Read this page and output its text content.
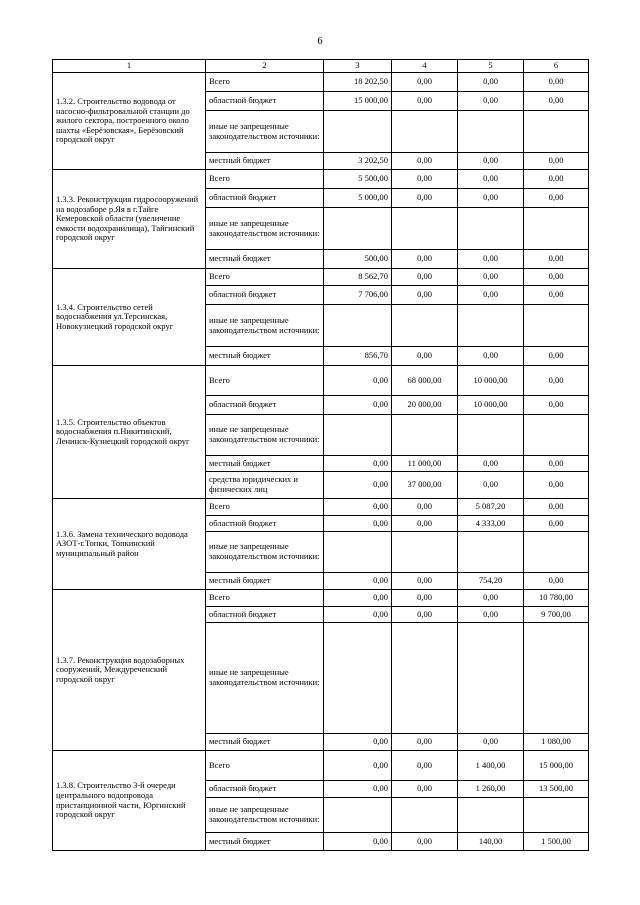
6
1	2	3	4	5	6
1.3.2. Строительство водовода от насосно-фильтровальной станции до жилого сектора, построенного около шахты «Берёзовская», Берёзовский городской округ	Всего	18 202,50	0,00	0,00	0,00
	областной бюджет	15 000,00	0,00	0,00	0,00
	иные не запрещенные законодательством источники:				
	местный бюджет	3 202,50	0,00	0,00	0,00
1.3.3. Реконструкция гидросооружений на водозаборе р.Яя в г.Тайге Кемеровской области (увеличение емкости водохранилища), Тайгинский городской округ	Всего	5 500,00	0,00	0,00	0,00
	областной бюджет	5 000,00	0,00	0,00	0,00
	иные не запрещенные законодательством источники:				
	местный бюджет	500,00	0,00	0,00	0,00
1.3.4. Строительство сетей водоснабжения ул.Терсинская, Новокузнецкий городской округ	Всего	8 562,70	0,00	0,00	0,00
	областной бюджет	7 706,00	0,00	0,00	0,00
	иные не запрещенные законодательством источники:				
	местный бюджет	856,70	0,00	0,00	0,00
1.3.5. Строительство объектов водоснабжения п.Никитинский, Ленинск-Кузнецкий городской округ	Всего	0,00	68 000,00	10 000,00	0,00
	областной бюджет	0,00	20 000,00	10 000,00	0,00
	иные не запрещенные законодательством источники:				
	местный бюджет	0,00	11 000,00	0,00	0,00
	средства юридических и физических лиц	0,00	37 000,00	0,00	0,00
1.3.6. Замена технического водовода АЗОТ-г.Топки, Топкинский муниципальный район	Всего	0,00	0,00	5 087,20	0,00
	областной бюджет	0,00	0,00	4 333,00	0,00
	иные не запрещенные законодательством источники:				
	местный бюджет	0,00	0,00	754,20	0,00
1.3.7. Реконструкция водозаборных сооружений, Междуреченский городской округ	Всего	0,00	0,00	0,00	10 780,00
	областной бюджет	0,00	0,00	0,00	9 700,00
	иные не запрещенные законодательством источники:				
	местный бюджет	0,00	0,00	0,00	1 080,00
1.3.8. Строительство 3-й очереди центрального водопровода пристанционной части, Юргинский городской округ	Всего	0,00	0,00	1 400,00	15 000,00
	областной бюджет	0,00	0,00	1 260,00	13 500,00
	иные не запрещенные законодательством источники:				
	местный бюджет	0,00	0,00	140,00	1 500,00
